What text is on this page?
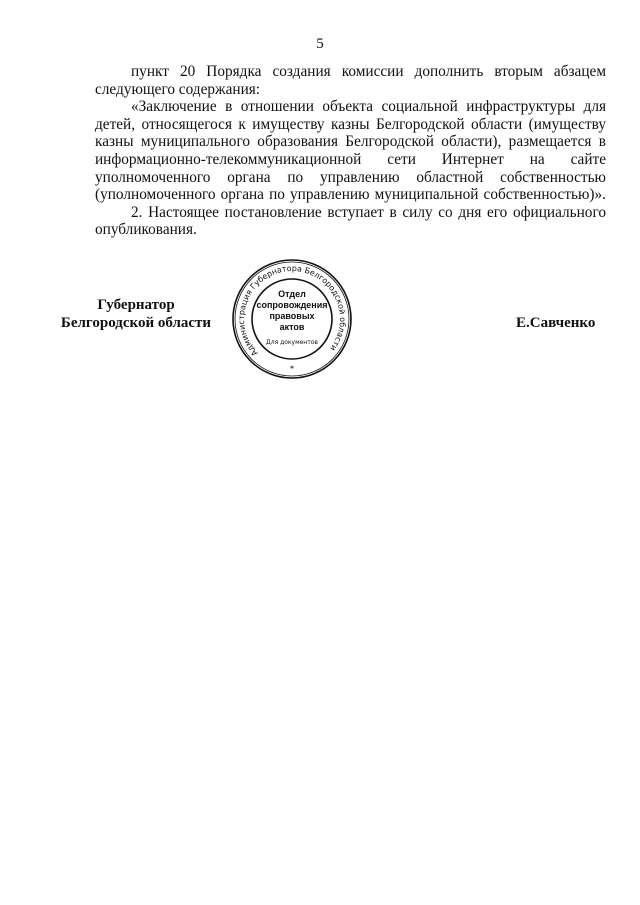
5
пункт 20 Порядка создания комиссии дополнить вторым абзацем
следующего содержания:
«Заключение в отношении объекта социальной инфраструктуры для
детей, относящегося к имуществу казны Белгородской области (имуществу
казны муниципального образования Белгородской области), размещается в
информационно-телекоммуникационной сети Интернет на сайте
уполномоченного органа по управлению областной собственностью
(уполномоченного органа по управлению муниципальной собственностью)».
2. Настоящее постановление вступает в силу со дня его официального
опубликования.
Губернатор
Белгородской области	Е.Савченко
Администрация Губернатора Белгородской области
Отдел
сопровождения
правовых
актов
Для документов
*
